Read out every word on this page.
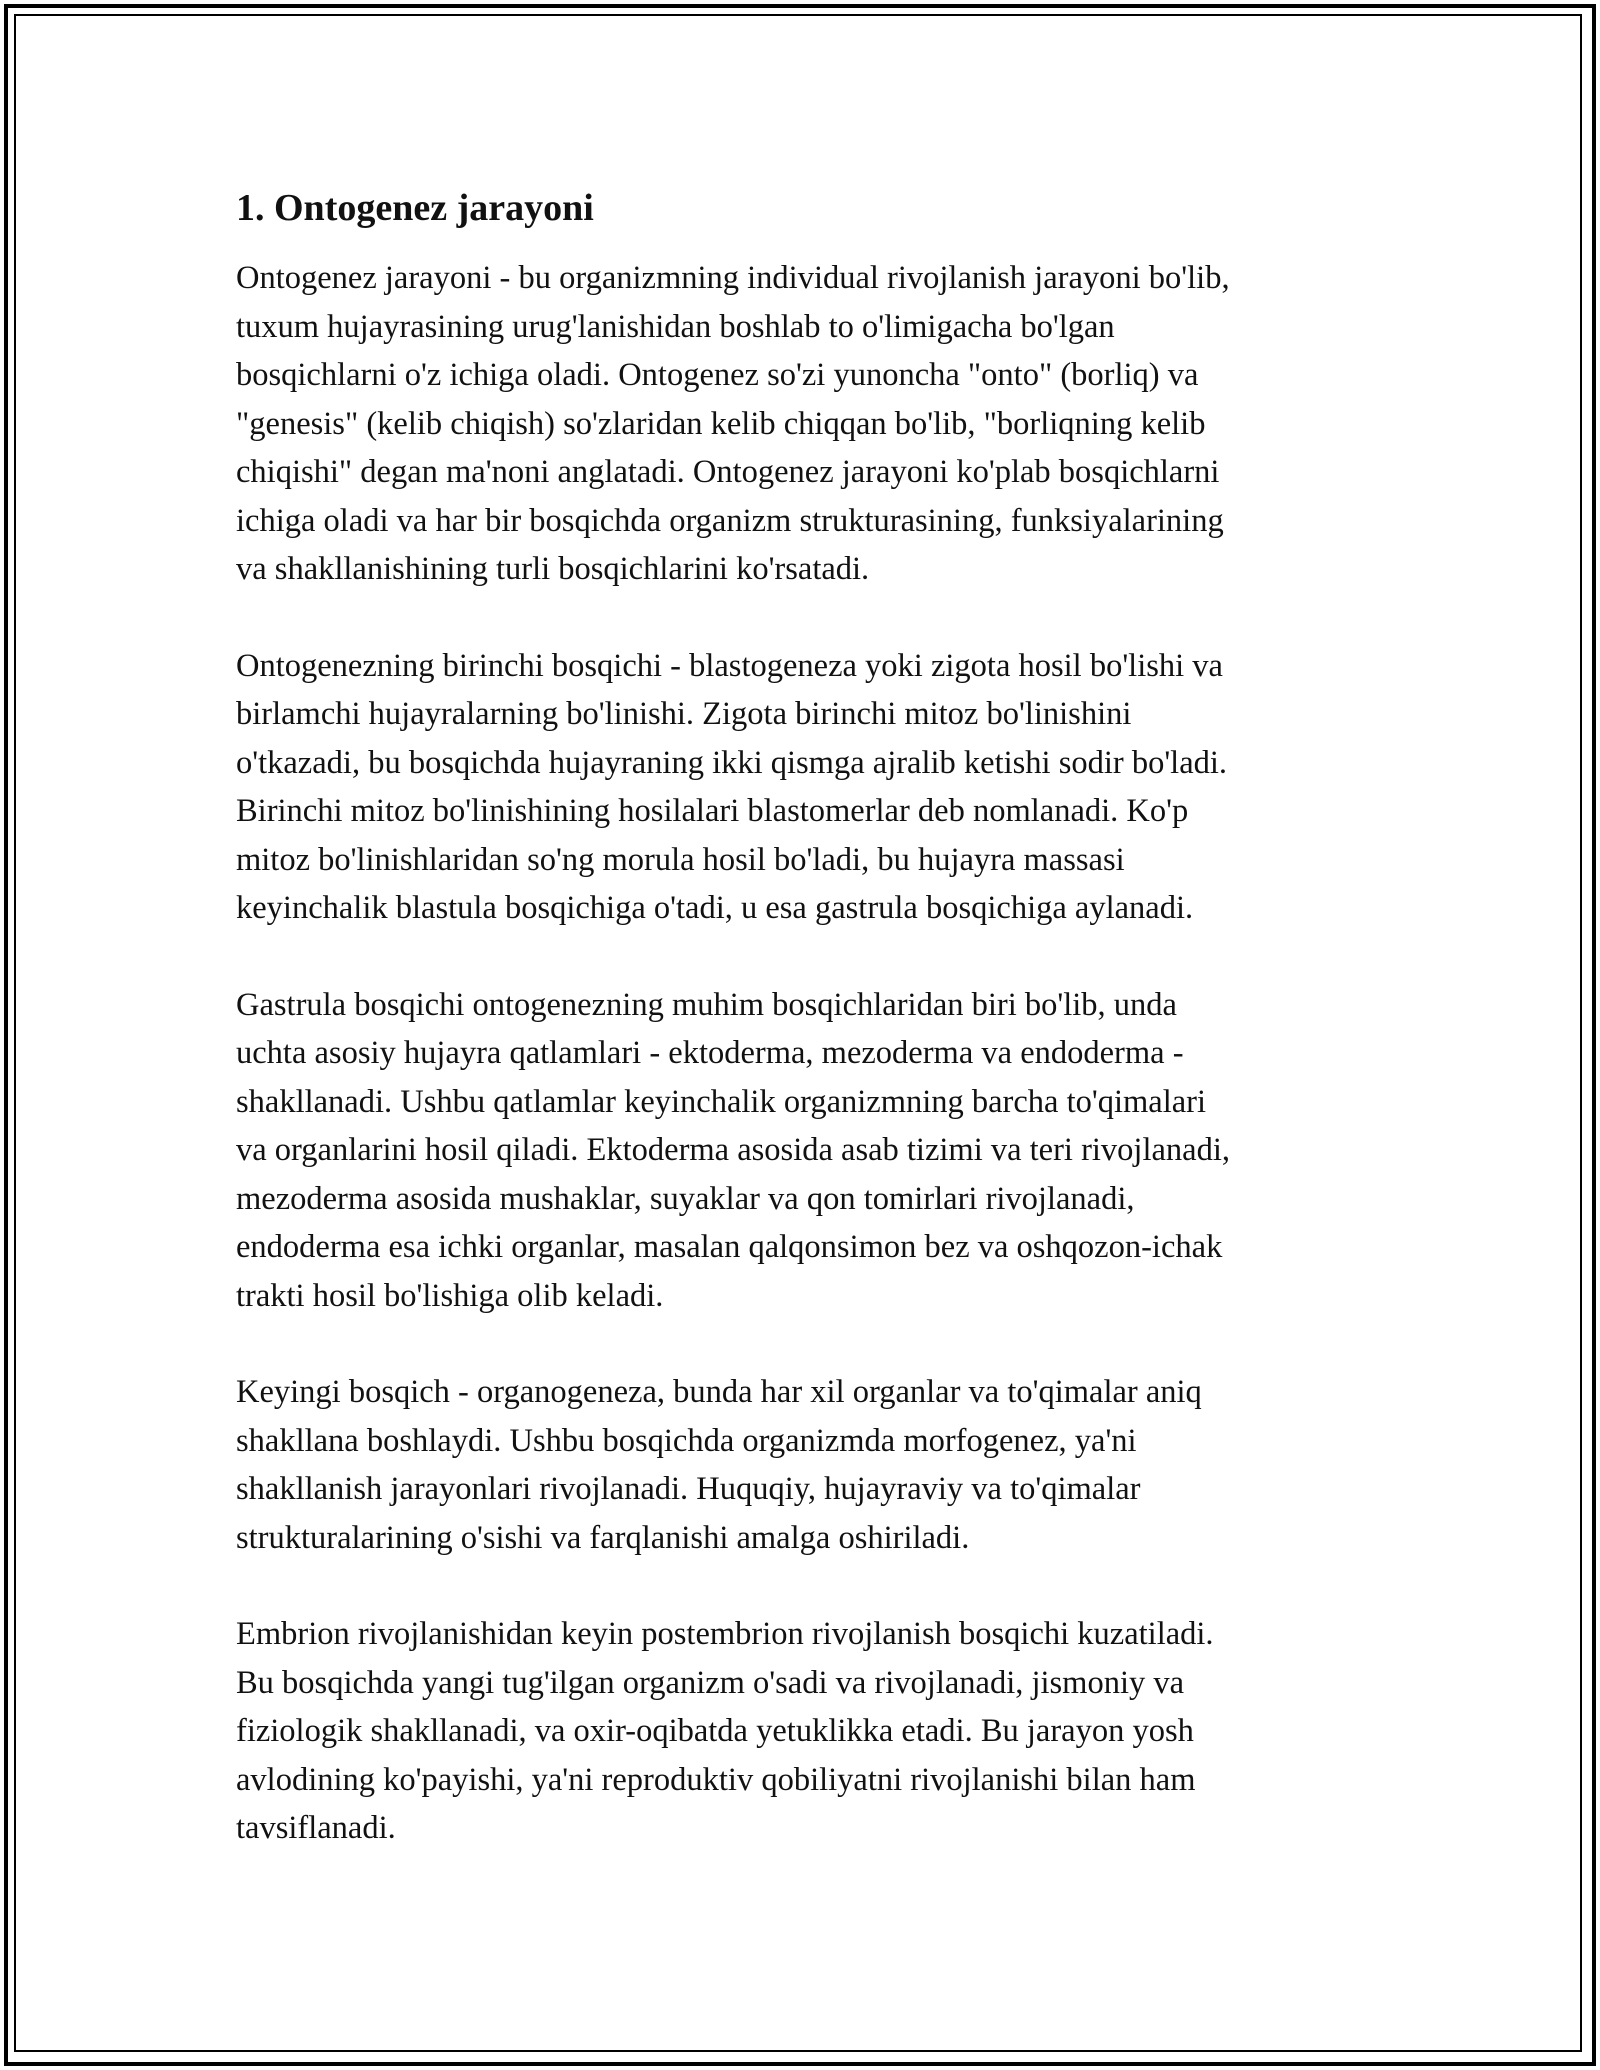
1. Ontogenez jarayoni

Ontogenez jarayoni - bu organizmning individual rivojlanish jarayoni bo'lib,
tuxum hujayrasining urug'lanishidan boshlab to o'limigacha bo'lgan
bosqichlarni o'z ichiga oladi. Ontogenez so'zi yunoncha "onto" (borliq) va
"genesis" (kelib chiqish) so'zlaridan kelib chiqqan bo'lib, "borliqning kelib
chiqishi" degan ma'noni anglatadi. Ontogenez jarayoni ko'plab bosqichlarni
ichiga oladi va har bir bosqichda organizm strukturasining, funksiyalarining
va shakllanishining turli bosqichlarini ko'rsatadi.

Ontogenezning birinchi bosqichi - blastogeneza yoki zigota hosil bo'lishi va
birlamchi hujayralarning bo'linishi. Zigota birinchi mitoz bo'linishini
o'tkazadi, bu bosqichda hujayraning ikki qismga ajralib ketishi sodir bo'ladi.
Birinchi mitoz bo'linishining hosilalari blastomerlar deb nomlanadi. Ko'p
mitoz bo'linishlaridan so'ng morula hosil bo'ladi, bu hujayra massasi
keyinchalik blastula bosqichiga o'tadi, u esa gastrula bosqichiga aylanadi.

Gastrula bosqichi ontogenezning muhim bosqichlaridan biri bo'lib, unda
uchta asosiy hujayra qatlamlari - ektoderma, mezoderma va endoderma -
shakllanadi. Ushbu qatlamlar keyinchalik organizmning barcha to'qimalari
va organlarini hosil qiladi. Ektoderma asosida asab tizimi va teri rivojlanadi,
mezoderma asosida mushaklar, suyaklar va qon tomirlari rivojlanadi,
endoderma esa ichki organlar, masalan qalqonsimon bez va oshqozon-ichak
trakti hosil bo'lishiga olib keladi.

Keyingi bosqich - organogeneza, bunda har xil organlar va to'qimalar aniq
shakllana boshlaydi. Ushbu bosqichda organizmda morfogenez, ya'ni
shakllanish jarayonlari rivojlanadi. Huquqiy, hujayraviy va to'qimalar
strukturalarining o'sishi va farqlanishi amalga oshiriladi.

Embrion rivojlanishidan keyin postembrion rivojlanish bosqichi kuzatiladi.
Bu bosqichda yangi tug'ilgan organizm o'sadi va rivojlanadi, jismoniy va
fiziologik shakllanadi, va oxir-oqibatda yetuklikka etadi. Bu jarayon yosh
avlodining ko'payishi, ya'ni reproduktiv qobiliyatni rivojlanishi bilan ham
tavsiflanadi.
